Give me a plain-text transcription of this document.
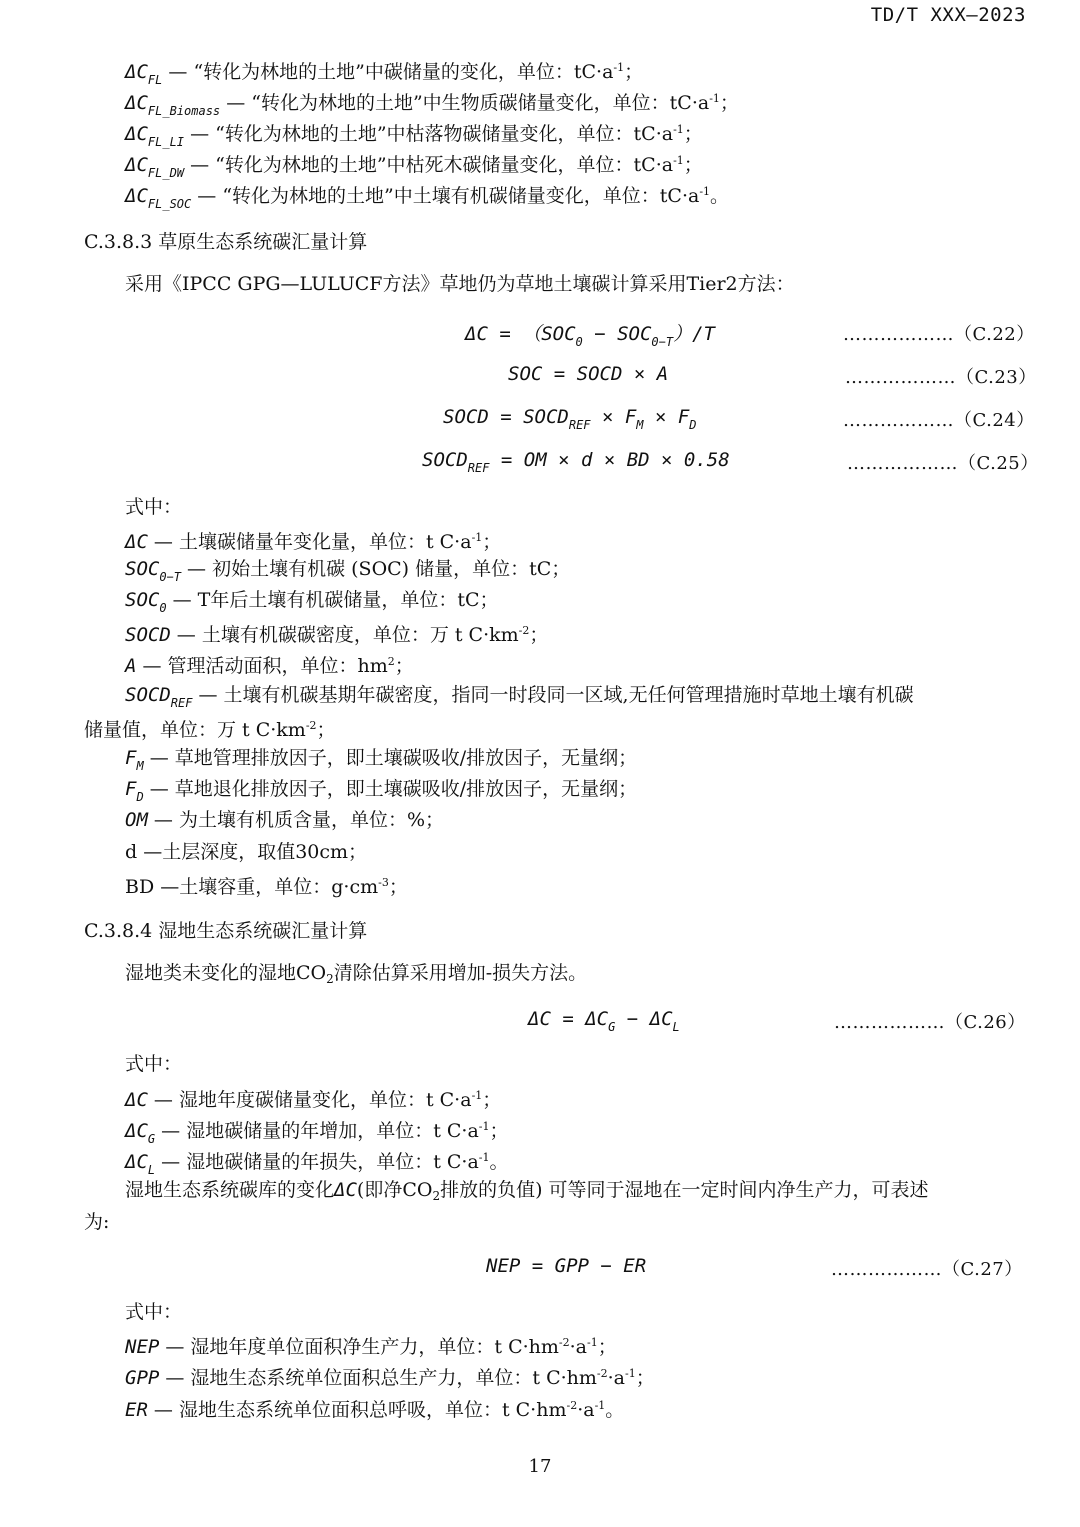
TD/T XXX—2023
$\Delta C_{FL}$ — “转化为林地的土地”中碳储量的变化，单位：$tC\cdot a^{-1}$；
$\Delta C_{FL\_Biomass}$ — “转化为林地的土地”中生物质碳储量变化，单位：$tC\cdot a^{-1}$；
$\Delta C_{FL\_LI}$ — “转化为林地的土地”中枯落物碳储量变化，单位：$tC\cdot a^{-1}$；
$\Delta C_{FL\_DW}$ — “转化为林地的土地”中枯死木碳储量变化，单位：$tC\cdot a^{-1}$；
$\Delta C_{FL\_SOC}$ — “转化为林地的土地”中土壤有机碳储量变化，单位：$tC\cdot a^{-1}$。
C.3.8.3 草原生态系统碳汇量计算
采用《IPCC GPG—LULUCF方法》草地仍为草地土壤碳计算采用Tier2方法：
$\Delta C = (SOC_0 - SOC_{0-T})/T$	………………（C.22）
SOC = SOCD × A	………………（C.23）
SOCD = $SOCD_{REF} \times F_M \times F_D$	………………（C.24）
$SOCD_{REF}$ = OM × d × BD × 0.58	………………（C.25）
式中：
ΔC — 土壤碳储量年变化量，单位：t $C\cdot a^{-1}$；
$SOC_{0-T}$ — 初始土壤有机碳 (SOC) 储量，单位：tC；
$SOC_0$ — T年后土壤有机碳储量，单位：tC；
SOCD — 土壤有机碳碳密度，单位：万 t $C\cdot km^{-2}$；
A — 管理活动面积，单位：$hm^2$；
$SOCD_{REF}$ — 土壤有机碳基期年碳密度，指同一时段同一区域,无任何管理措施时草地土壤有机碳
储量值，单位：万 t $C\cdot km^{-2}$；
$F_M$ — 草地管理排放因子，即土壤碳吸收/排放因子，无量纲；
$F_D$ — 草地退化排放因子，即土壤碳吸收/排放因子，无量纲；
OM — 为土壤有机质含量，单位：%；
d —土层深度，取值30cm；
BD —土壤容重，单位：$g\cdot cm^{-3}$；
C.3.8.4 湿地生态系统碳汇量计算
湿地类未变化的湿地$CO_2$清除估算采用增加-损失方法。
$\Delta C = \Delta C_G - \Delta C_L$	………………（C.26）
式中：
ΔC — 湿地年度碳储量变化，单位：t $C\cdot a^{-1}$；
$\Delta C_G$ — 湿地碳储量的年增加，单位：t $C\cdot a^{-1}$；
$\Delta C_L$ — 湿地碳储量的年损失，单位：t $C\cdot a^{-1}$。
湿地生态系统碳库的变化ΔC(即净$CO_2$排放的负值) 可等同于湿地在一定时间内净生产力，可表述
为:
NEP = GPP − ER	………………（C.27）
式中：
NEP — 湿地年度单位面积净生产力，单位：t $C\cdot hm^{-2}\cdot a^{-1}$；
GPP — 湿地生态系统单位面积总生产力，单位：t $C\cdot hm^{-2}\cdot a^{-1}$；
ER — 湿地生态系统单位面积总呼吸，单位：t $C\cdot hm^{-2}\cdot a^{-1}$。
17
